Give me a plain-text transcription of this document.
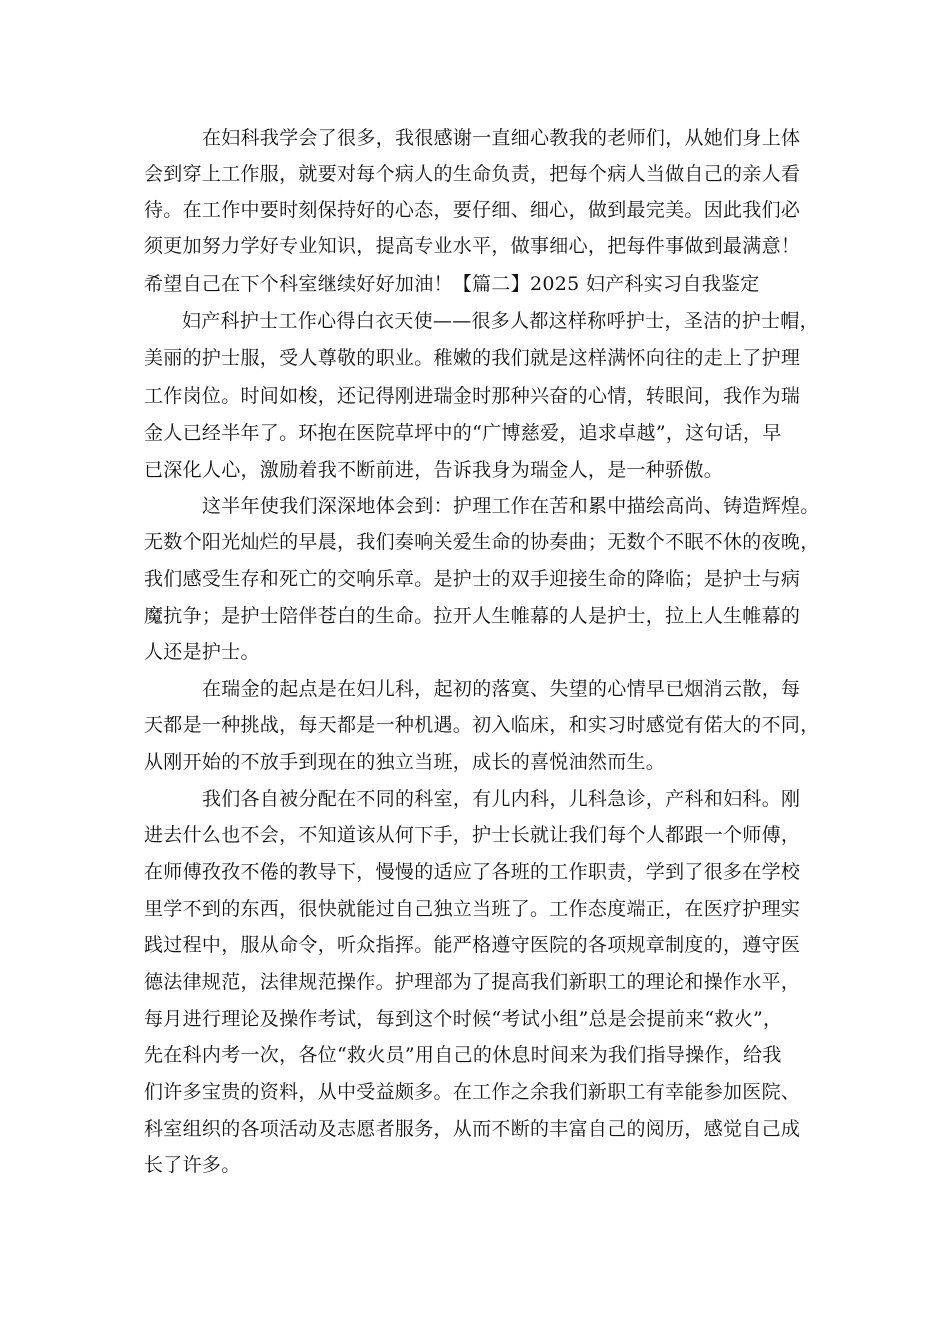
在妇科我学会了很多，我很感谢一直细心教我的老师们，从她们身上体
会到穿上工作服，就要对每个病人的生命负责，把每个病人当做自己的亲人看
待。在工作中要时刻保持好的心态，要仔细、细心，做到最完美。因此我们必
须更加努力学好专业知识，提高专业水平，做事细心，把每件事做到最满意！
希望自己在下个科室继续好好加油！【篇二】2025 妇产科实习自我鉴定
妇产科护士工作心得白衣天使——很多人都这样称呼护士，圣洁的护士帽，
美丽的护士服，受人尊敬的职业。稚嫩的我们就是这样满怀向往的走上了护理
工作岗位。时间如梭，还记得刚进瑞金时那种兴奋的心情，转眼间，我作为瑞
金人已经半年了。环抱在医院草坪中的“广博慈爱，追求卓越”，这句话，早
已深化人心，激励着我不断前进，告诉我身为瑞金人，是一种骄傲。
这半年使我们深深地体会到：护理工作在苦和累中描绘高尚、铸造辉煌。
无数个阳光灿烂的早晨，我们奏响关爱生命的协奏曲；无数个不眠不休的夜晚，
我们感受生存和死亡的交响乐章。是护士的双手迎接生命的降临；是护士与病
魔抗争；是护士陪伴苍白的生命。拉开人生帷幕的人是护士，拉上人生帷幕的
人还是护士。
在瑞金的起点是在妇儿科，起初的落寞、失望的心情早已烟消云散，每
天都是一种挑战，每天都是一种机遇。初入临床，和实习时感觉有偌大的不同，
从刚开始的不放手到现在的独立当班，成长的喜悦油然而生。
我们各自被分配在不同的科室，有儿内科，儿科急诊，产科和妇科。刚
进去什么也不会，不知道该从何下手，护士长就让我们每个人都跟一个师傅，
在师傅孜孜不倦的教导下，慢慢的适应了各班的工作职责，学到了很多在学校
里学不到的东西，很快就能过自己独立当班了。工作态度端正，在医疗护理实
践过程中，服从命令，听众指挥。能严格遵守医院的各项规章制度的，遵守医
德法律规范，法律规范操作。护理部为了提高我们新职工的理论和操作水平，
每月进行理论及操作考试，每到这个时候“考试小组”总是会提前来“救火”，
先在科内考一次，各位“救火员”用自己的休息时间来为我们指导操作，给我
们许多宝贵的资料，从中受益颇多。在工作之余我们新职工有幸能参加医院、
科室组织的各项活动及志愿者服务，从而不断的丰富自己的阅历，感觉自己成
长了许多。
